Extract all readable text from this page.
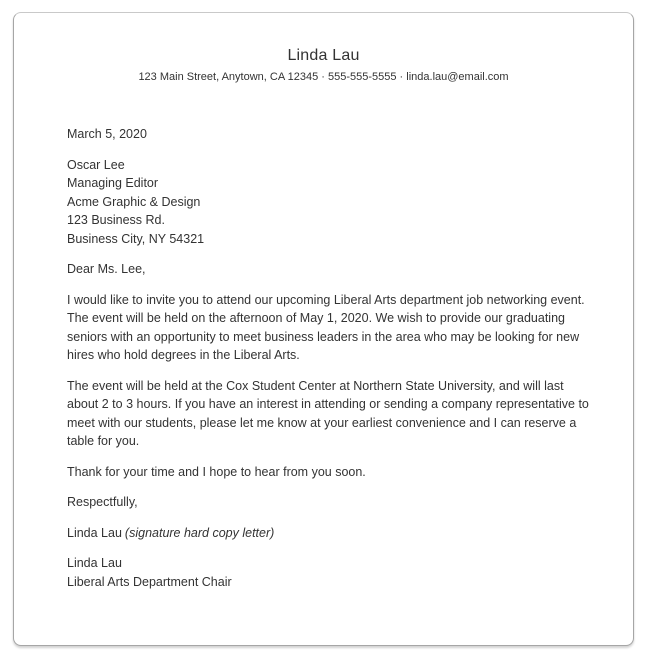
Linda Lau
123 Main Street, Anytown, CA 12345 · 555-555-5555 · linda.lau@email.com

March 5, 2020

Oscar Lee

Managing Editor

Acme Graphic & Design

123 Business Rd.

Business City, NY 54321

Dear Ms. Lee,

I would like to invite you to attend our upcoming Liberal Arts department job networking event. The event will be held on the afternoon of May 1, 2020. We wish to provide our graduating seniors with an opportunity to meet business leaders in the area who may be looking for new hires who hold degrees in the Liberal Arts.

The event will be held at the Cox Student Center at Northern State University, and will last about 2 to 3 hours. If you have an interest in attending or sending a company representative to meet with our students, please let me know at your earliest convenience and I can reserve a table for you.

Thank for your time and I hope to hear from you soon.

Respectfully,

Linda Lau (signature hard copy letter)

Linda Lau

Liberal Arts Department Chair
